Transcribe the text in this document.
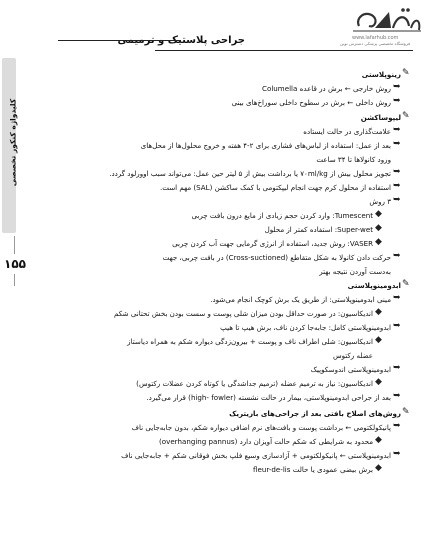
جراحی پلاستیک و ترمیمی	www.lafarhub.com
فروشگاه تخصصی پزشکی دسترس نوین
کلیدواژه کنکور تخصصی
۱۵۵
رینوپلاستی
روش خارجی ← برش در قاعده Columella
روش داخلی ← برش در سطوح داخلی سوراخ‌های بینی
لیپوساکشن
علامت‌گذاری در حالت ایستاده
بعد از عمل: استفاده از لباس‌های فشاری برای ۲-۴ هفته و خروج محلول‌ها از محل‌های
ورود کانولاها تا ۳۴ ساعت
تجویز محلول بیش از ۷۰ml/kg یا برداشت بیش از ۵ لیتر حین عمل: می‌تواند سبب اوورلود گردد.
استفاده از محلول کرم جهت انجام لیپکتومی با کمک ساکشن (SAL) مهم است.
۳ روش
Tumescent: وارد کردن حجم زیادی از مایع درون بافت چربی
Super-wet: استفاده کمتر از محلول
VASER: روش جدید، استفاده از انرژی گرمایی جهت آب کردن چربی
حرکت دادن کانولا به شکل متقاطع (Cross-suctioned) در بافت چربی، جهت
به‌دست آوردن نتیجه بهتر
ابدومینوپلاستی
مینی ابدومینوپلاستی: از طریق یک برش کوچک انجام می‌شود.
اندیکاسیون: در صورت حداقل بودن میزان شلی پوست و سست بودن بخش تحتانی شکم
ابدومینوپلاستی کامل: جابه‌جا کردن ناف، برش هیپ تا هیپ
اندیکاسیون: شلی اطراف ناف و پوست + بیرون‌زدگی دیواره شکم به همراه دیاستاز
عضله رکتوس
ابدومینوپلاستی اندوسکوپیک
اندیکاسیون: نیاز به ترمیم عضله (ترمیم جداشدگی یا کوتاه کردن عضلات رکتوس)
بعد از جراحی ابدومینوپلاستی، بیمار در حالت نشسته (high- fowler) قرار می‌گیرد.
روش‌های اصلاح بافتی بعد از جراحی‌های باریتریک
پانیکولکتومی ← برداشت پوست و بافت‌های نرم اضافی دیواره شکم، بدون جابه‌جایی ناف
محدود به شرایطی که شکم حالت آویزان دارد (overhanging pannus)
ابدومینوپلاستی ← پانیکولکتومی + آزادسازی وسیع فلپ بخش فوقانی شکم + جابه‌جایی ناف
برش بیضی عمودی یا حالت fleur-de-lis
✎
✎
✎
✎
➥
➥
➥
➥
➥
➥
➥
➥
➥
➥
➥
➥
➥
➥
◆
◆
◆
◆
◆
◆
◆
◆
